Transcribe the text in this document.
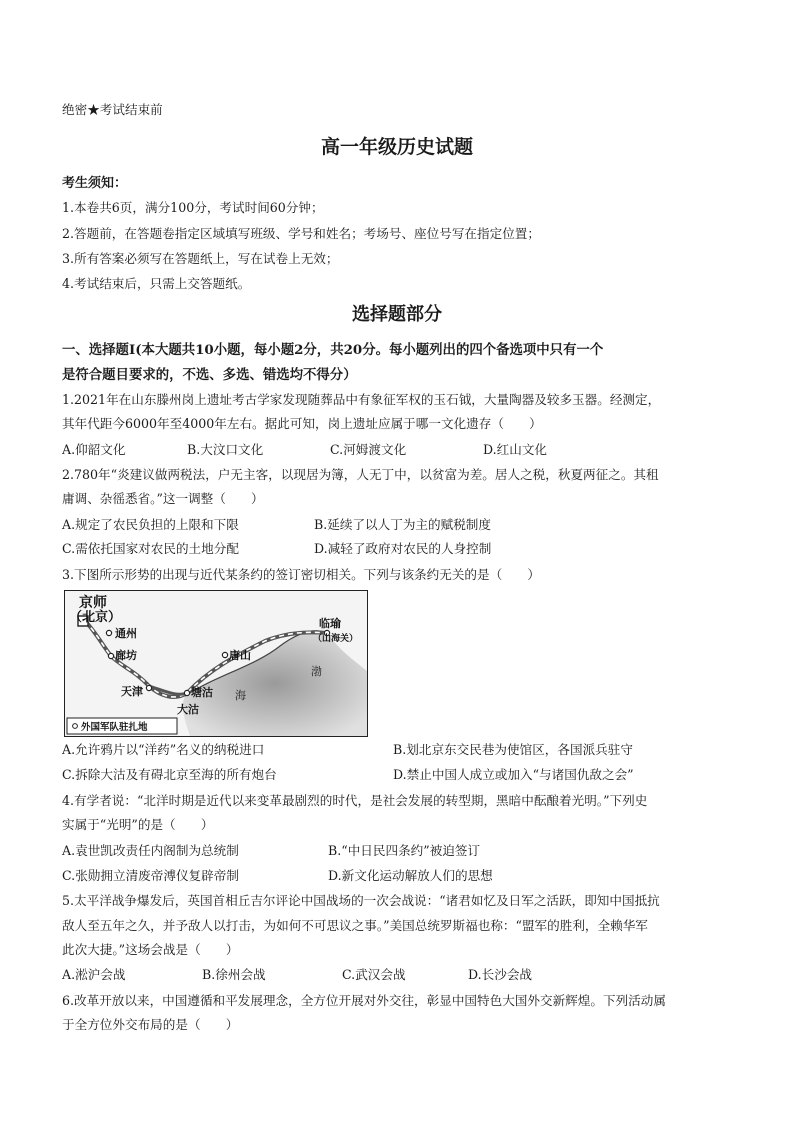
绝密★考试结束前
高一年级历史试题
考生须知：
1.本卷共6页，满分100分，考试时间60分钟；
2.答题前，在答题卷指定区域填写班级、学号和姓名；考场号、座位号写在指定位置；
3.所有答案必须写在答题纸上，写在试卷上无效；
4.考试结束后，只需上交答题纸。
选择题部分
一、选择题Ⅰ(本大题共10小题，每小题2分，共20分。每小题列出的四个备选项中只有一个
是符合题目要求的，不选、多选、错选均不得分）
1.2021年在山东滕州岗上遗址考古学家发现随葬品中有象征军权的玉石钺，大量陶器及较多玉器。经测定，
其年代距今6000年至4000年左右。据此可知，岗上遗址应属于哪一文化遗存（　　）
A.仰韶文化	B.大汶口文化	C.河姆渡文化	D.红山文化
2.780年“炎建议做两税法，户无主客，以现居为簿，人无丁中，以贫富为差。居人之税，秋夏两征之。其租
庸调、杂徭悉省。”这一调整（　　）
A.规定了农民负担的上限和下限	B.延续了以人丁为主的赋税制度
C.需依托国家对农民的土地分配	D.减轻了政府对农民的人身控制
3.下图所示形势的出现与近代某条约的签订密切相关。下列与该条约无关的是（　　）
京师
（北京）
通州
廊坊
天津	塘沽
大沽
唐山
临瑜
（山海关）
渤
海
外国军队驻扎地
A.允许鸦片以“洋药”名义的纳税进口	B.划北京东交民巷为使馆区，各国派兵驻守
C.拆除大沽及有碍北京至海的所有炮台	D.禁止中国人成立或加入“与诸国仇敌之会”
4.有学者说：“北洋时期是近代以来变革最剧烈的时代，是社会发展的转型期，黑暗中酝酿着光明。”下列史
实属于“光明”的是（　　）
A.袁世凯改责任内阁制为总统制	B.“中日民四条约”被迫签订
C.张勋拥立清废帝溥仪复辟帝制	D.新文化运动解放人们的思想
5.太平洋战争爆发后，英国首相丘吉尔评论中国战场的一次会战说：“诸君如忆及日军之活跃，即知中国抵抗
敌人至五年之久，并予敌人以打击，为如何不可思议之事。”美国总统罗斯福也称：“盟军的胜利，全赖华军
此次大捷。”这场会战是（　　）
A.淞沪会战	B.徐州会战	C.武汉会战	D.长沙会战
6.改革开放以来，中国遵循和平发展理念，全方位开展对外交往，彰显中国特色大国外交新辉煌。下列活动属
于全方位外交布局的是（　　）
